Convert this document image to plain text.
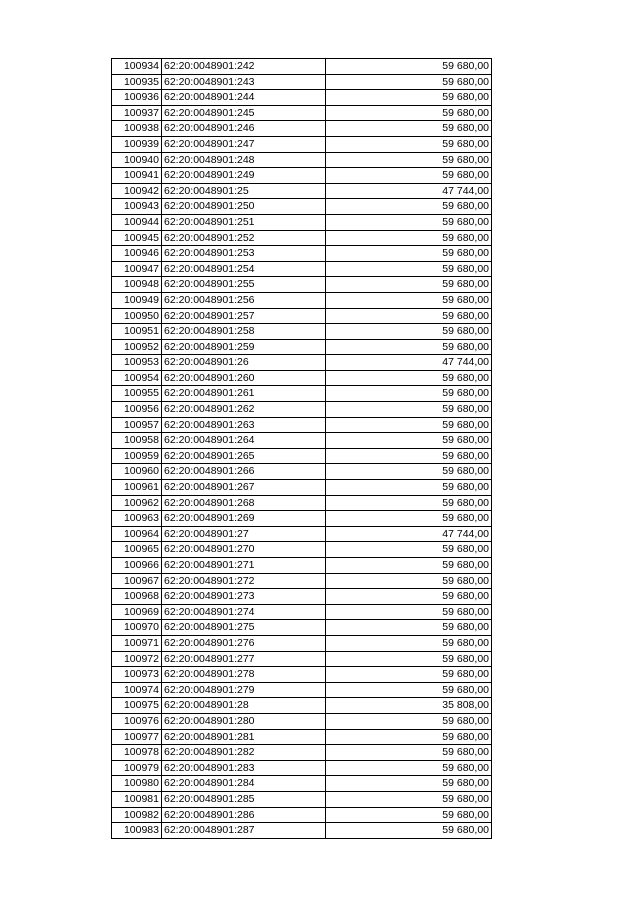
100934	62:20:0048901:242	59 680,00
100935	62:20:0048901:243	59 680,00
100936	62:20:0048901:244	59 680,00
100937	62:20:0048901:245	59 680,00
100938	62:20:0048901:246	59 680,00
100939	62:20:0048901:247	59 680,00
100940	62:20:0048901:248	59 680,00
100941	62:20:0048901:249	59 680,00
100942	62:20:0048901:25	47 744,00
100943	62:20:0048901:250	59 680,00
100944	62:20:0048901:251	59 680,00
100945	62:20:0048901:252	59 680,00
100946	62:20:0048901:253	59 680,00
100947	62:20:0048901:254	59 680,00
100948	62:20:0048901:255	59 680,00
100949	62:20:0048901:256	59 680,00
100950	62:20:0048901:257	59 680,00
100951	62:20:0048901:258	59 680,00
100952	62:20:0048901:259	59 680,00
100953	62:20:0048901:26	47 744,00
100954	62:20:0048901:260	59 680,00
100955	62:20:0048901:261	59 680,00
100956	62:20:0048901:262	59 680,00
100957	62:20:0048901:263	59 680,00
100958	62:20:0048901:264	59 680,00
100959	62:20:0048901:265	59 680,00
100960	62:20:0048901:266	59 680,00
100961	62:20:0048901:267	59 680,00
100962	62:20:0048901:268	59 680,00
100963	62:20:0048901:269	59 680,00
100964	62:20:0048901:27	47 744,00
100965	62:20:0048901:270	59 680,00
100966	62:20:0048901:271	59 680,00
100967	62:20:0048901:272	59 680,00
100968	62:20:0048901:273	59 680,00
100969	62:20:0048901:274	59 680,00
100970	62:20:0048901:275	59 680,00
100971	62:20:0048901:276	59 680,00
100972	62:20:0048901:277	59 680,00
100973	62:20:0048901:278	59 680,00
100974	62:20:0048901:279	59 680,00
100975	62:20:0048901:28	35 808,00
100976	62:20:0048901:280	59 680,00
100977	62:20:0048901:281	59 680,00
100978	62:20:0048901:282	59 680,00
100979	62:20:0048901:283	59 680,00
100980	62:20:0048901:284	59 680,00
100981	62:20:0048901:285	59 680,00
100982	62:20:0048901:286	59 680,00
100983	62:20:0048901:287	59 680,00
